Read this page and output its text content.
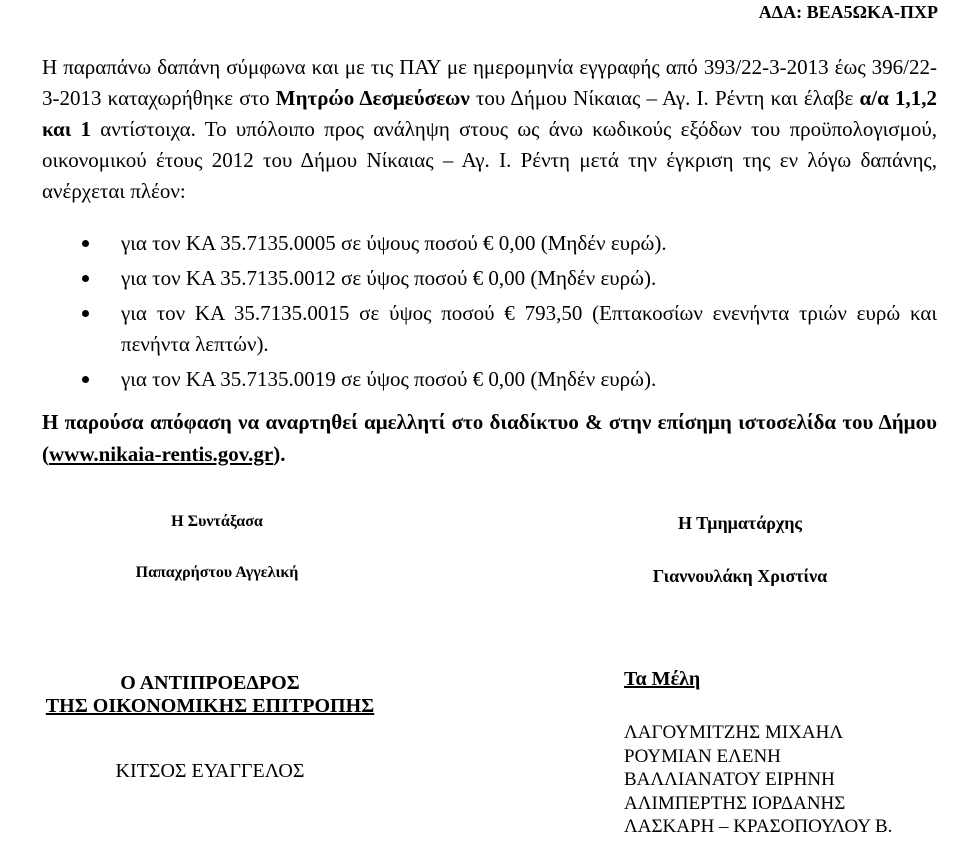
ΑΔΑ: ΒΕΑ5ΩΚΑ-ΠΧΡ

Η παραπάνω δαπάνη σύμφωνα και με τις ΠΑΥ με ημερομηνία εγγραφής από 393/22-3-2013 έως 396/22-3-2013 καταχωρήθηκε στο Μητρώο Δεσμεύσεων του Δήμου Νίκαιας – Αγ. Ι. Ρέντη και έλαβε α/α 1,1,2 και 1 αντίστοιχα. Το υπόλοιπο προς ανάληψη στους ως άνω κωδικούς εξόδων του προϋπολογισμού, οικονομικού έτους 2012 του Δήμου Νίκαιας – Αγ. Ι. Ρέντη μετά την έγκριση της εν λόγω δαπάνης, ανέρχεται πλέον:

για τον ΚΑ 35.7135.0005 σε ύψους ποσού € 0,00 (Μηδέν ευρώ).
για τον ΚΑ 35.7135.0012 σε ύψος ποσού € 0,00 (Μηδέν ευρώ).
για τον ΚΑ 35.7135.0015 σε ύψος ποσού € 793,50 (Επτακοσίων ενενήντα τριών ευρώ και πενήντα λεπτών).
για τον ΚΑ 35.7135.0019 σε ύψος ποσού € 0,00 (Μηδέν ευρώ).

Η παρούσα απόφαση να αναρτηθεί αμελλητί στο διαδίκτυο & στην επίσημη ιστοσελίδα του Δήμου (www.nikaia-rentis.gov.gr).

Η Συντάξασα
Παπαχρήστου Αγγελική
Η Τμηματάρχης
Γιαννουλάκη Χριστίνα
Ο ΑΝΤΙΠΡΟΕΔΡΟΣ
ΤΗΣ ΟΙΚΟΝΟΜΙΚΗΣ ΕΠΙΤΡΟΠΗΣ
ΚΙΤΣΟΣ ΕΥΑΓΓΕΛΟΣ
Τα Μέλη
ΛΑΓΟΥΜΙΤΖΗΣ ΜΙΧΑΗΛ
ΡΟΥΜΙΑΝ ΕΛΕΝΗ
ΒΑΛΛΙΑΝΑΤΟΥ ΕΙΡΗΝΗ
ΑΛΙΜΠΕΡΤΗΣ ΙΟΡΔΑΝΗΣ
ΛΑΣΚΑΡΗ – ΚΡΑΣΟΠΟΥΛΟΥ Β.
